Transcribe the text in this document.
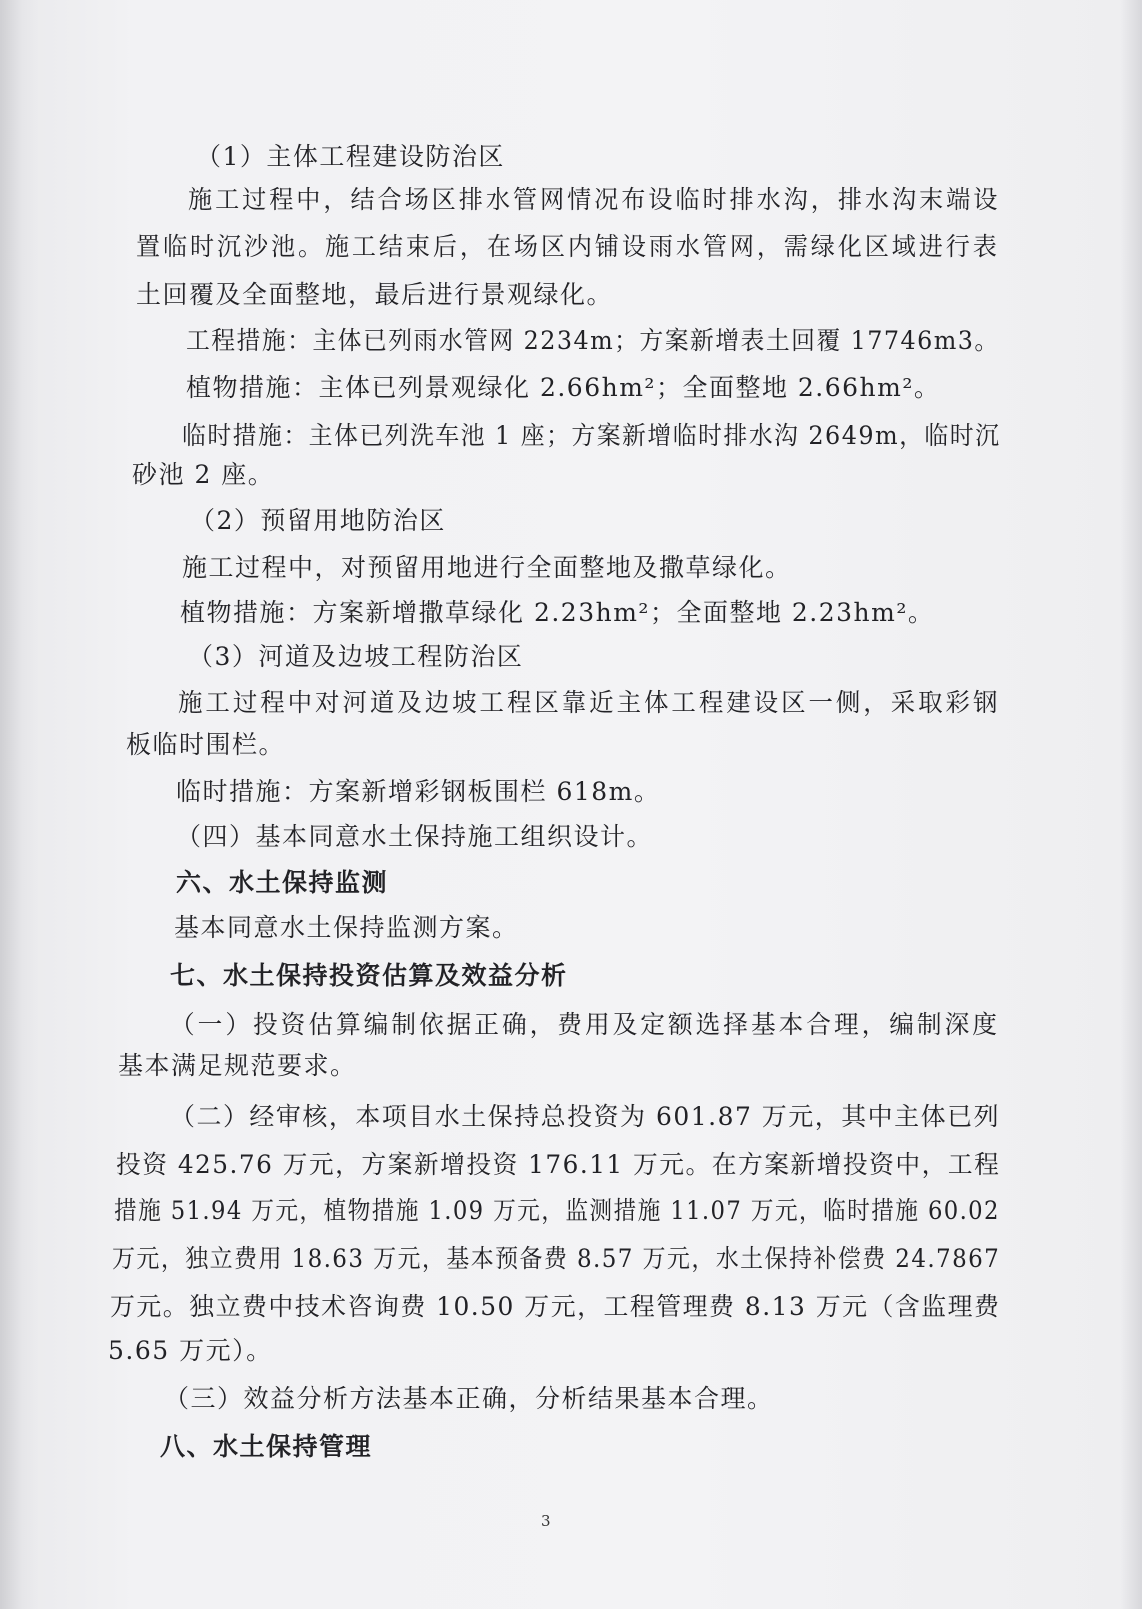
（1）主体工程建设防治区
施工过程中，结合场区排水管网情况布设临时排水沟，排水沟末端设
置临时沉沙池。施工结束后，在场区内铺设雨水管网，需绿化区域进行表
土回覆及全面整地，最后进行景观绿化。
工程措施：主体已列雨水管网 2234m；方案新增表土回覆 17746m3。
植物措施：主体已列景观绿化 2.66hm²；全面整地 2.66hm²。
临时措施：主体已列洗车池 1 座；方案新增临时排水沟 2649m，临时沉
砂池 2 座。
（2）预留用地防治区
施工过程中，对预留用地进行全面整地及撒草绿化。
植物措施：方案新增撒草绿化 2.23hm²；全面整地 2.23hm²。
（3）河道及边坡工程防治区
施工过程中对河道及边坡工程区靠近主体工程建设区一侧，采取彩钢
板临时围栏。
临时措施：方案新增彩钢板围栏 618m。
（四）基本同意水土保持施工组织设计。
六、水土保持监测
基本同意水土保持监测方案。
七、水土保持投资估算及效益分析
（一）投资估算编制依据正确，费用及定额选择基本合理，编制深度
基本满足规范要求。
（二）经审核，本项目水土保持总投资为 601.87 万元，其中主体已列
投资 425.76 万元，方案新增投资 176.11 万元。在方案新增投资中，工程
措施 51.94 万元，植物措施 1.09 万元，监测措施 11.07 万元，临时措施 60.02
万元，独立费用 18.63 万元，基本预备费 8.57 万元，水土保持补偿费 24.7867
万元。独立费中技术咨询费 10.50 万元，工程管理费 8.13 万元（含监理费
5.65 万元）。
（三）效益分析方法基本正确，分析结果基本合理。
八、水土保持管理
3
